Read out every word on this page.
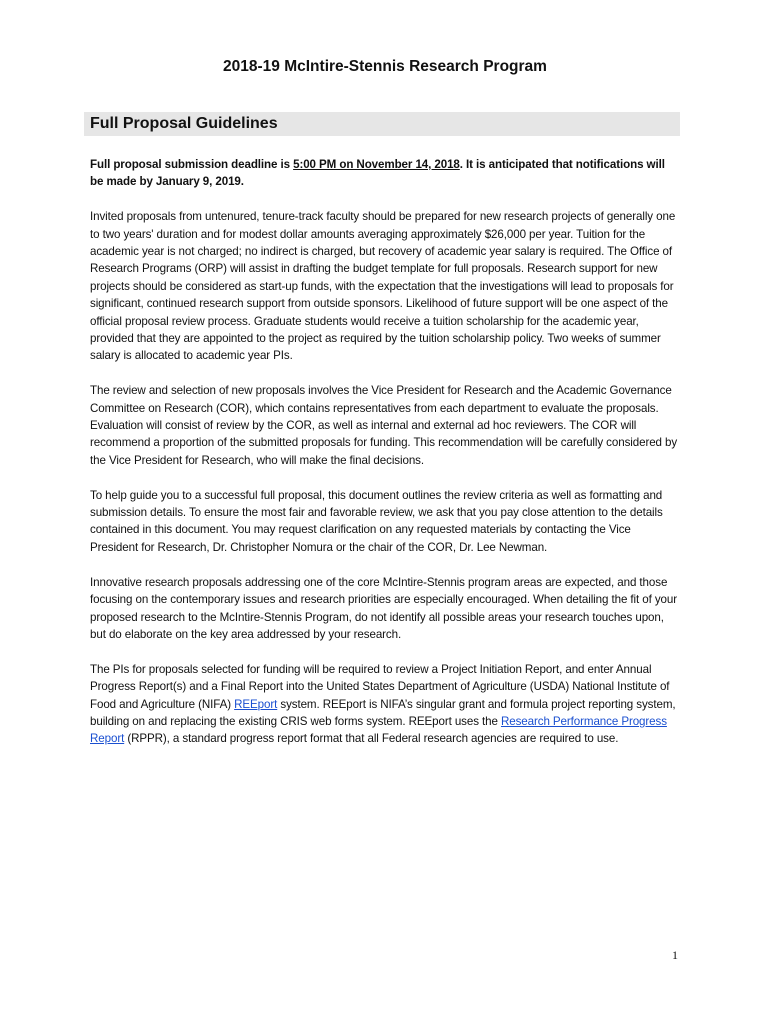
2018-19 McIntire-Stennis Research Program
Full Proposal Guidelines

Full proposal submission deadline is 5:00 PM on November 14, 2018. It is anticipated that notifications will be made by January 9, 2019.

Invited proposals from untenured, tenure-track faculty should be prepared for new research projects of generally one to two years' duration and for modest dollar amounts averaging approximately $26,000 per year. Tuition for the academic year is not charged; no indirect is charged, but recovery of academic year salary is required. The Office of Research Programs (ORP) will assist in drafting the budget template for full proposals. Research support for new projects should be considered as start-up funds, with the expectation that the investigations will lead to proposals for significant, continued research support from outside sponsors. Likelihood of future support will be one aspect of the official proposal review process. Graduate students would receive a tuition scholarship for the academic year, provided that they are appointed to the project as required by the tuition scholarship policy. Two weeks of summer salary is allocated to academic year PIs.

The review and selection of new proposals involves the Vice President for Research and the Academic Governance Committee on Research (COR), which contains representatives from each department to evaluate the proposals. Evaluation will consist of review by the COR, as well as internal and external ad hoc reviewers. The COR will recommend a proportion of the submitted proposals for funding. This recommendation will be carefully considered by the Vice President for Research, who will make the final decisions.

To help guide you to a successful full proposal, this document outlines the review criteria as well as formatting and submission details. To ensure the most fair and favorable review, we ask that you pay close attention to the details contained in this document. You may request clarification on any requested materials by contacting the Vice President for Research, Dr. Christopher Nomura or the chair of the COR, Dr. Lee Newman.

Innovative research proposals addressing one of the core McIntire-Stennis program areas are expected, and those focusing on the contemporary issues and research priorities are especially encouraged. When detailing the fit of your proposed research to the McIntire-Stennis Program, do not identify all possible areas your research touches upon, but do elaborate on the key area addressed by your research.

The PIs for proposals selected for funding will be required to review a Project Initiation Report, and enter Annual Progress Report(s) and a Final Report into the United States Department of Agriculture (USDA) National Institute of Food and Agriculture (NIFA) REEport system. REEport is NIFA’s singular grant and formula project reporting system, building on and replacing the existing CRIS web forms system. REEport uses the Research Performance Progress Report (RPPR), a standard progress report format that all Federal research agencies are required to use.

1
